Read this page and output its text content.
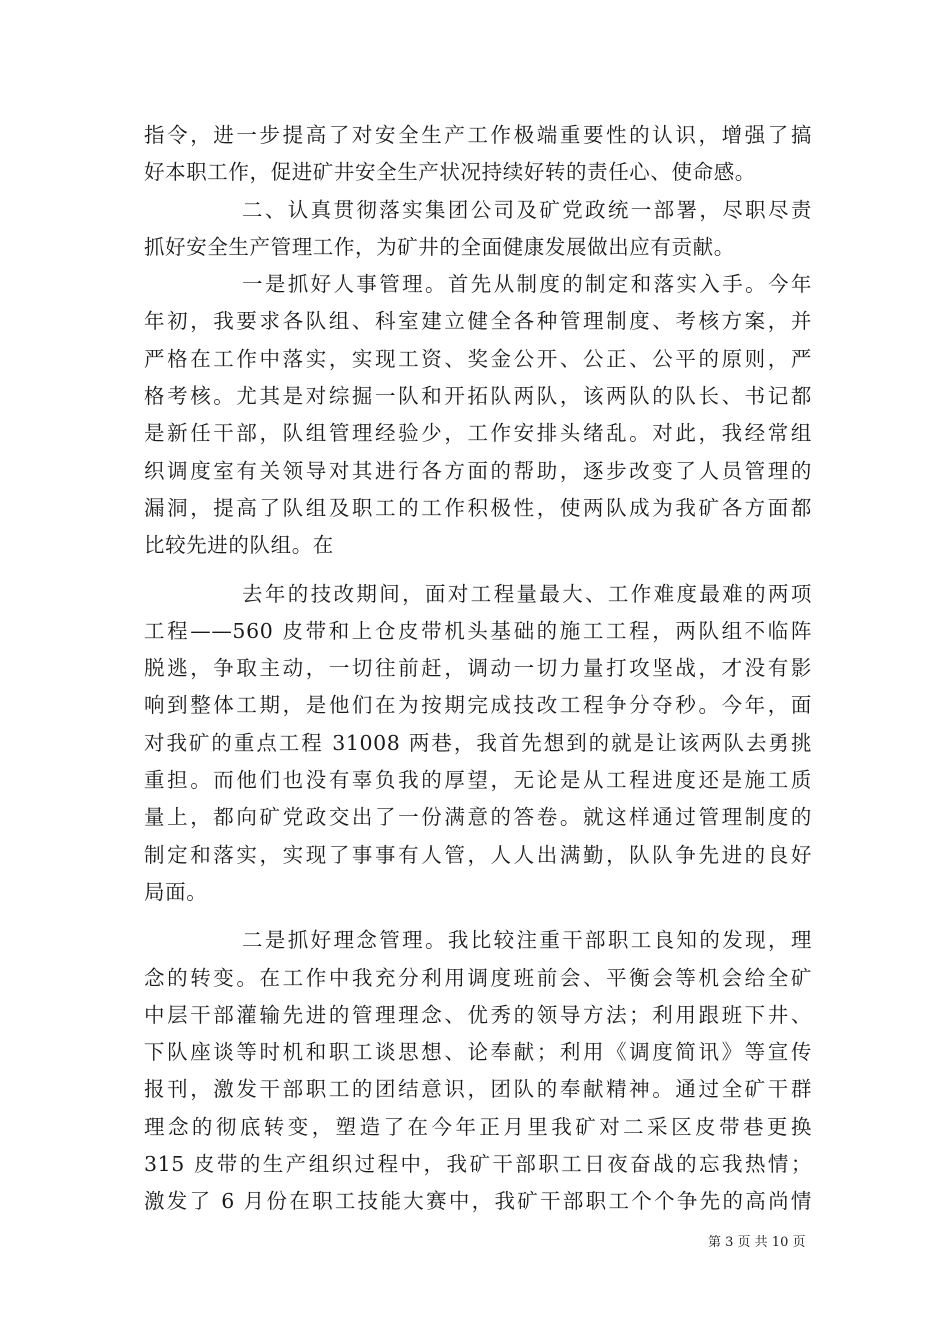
指令，进一步提高了对安全生产工作极端重要性的认识，增强了搞
好本职工作，促进矿井安全生产状况持续好转的责任心、使命感。
二、认真贯彻落实集团公司及矿党政统一部署，尽职尽责
抓好安全生产管理工作，为矿井的全面健康发展做出应有贡献。
一是抓好人事管理。首先从制度的制定和落实入手。今年
年初，我要求各队组、科室建立健全各种管理制度、考核方案，并
严格在工作中落实，实现工资、奖金公开、公正、公平的原则，严
格考核。尤其是对综掘一队和开拓队两队，该两队的队长、书记都
是新任干部，队组管理经验少，工作安排头绪乱。对此，我经常组
织调度室有关领导对其进行各方面的帮助，逐步改变了人员管理的
漏洞，提高了队组及职工的工作积极性，使两队成为我矿各方面都
比较先进的队组。在
去年的技改期间，面对工程量最大、工作难度最难的两项
工程——560 皮带和上仓皮带机头基础的施工工程，两队组不临阵
脱逃，争取主动，一切往前赶，调动一切力量打攻坚战，才没有影
响到整体工期，是他们在为按期完成技改工程争分夺秒。今年，面
对我矿的重点工程 31008 两巷，我首先想到的就是让该两队去勇挑
重担。而他们也没有辜负我的厚望，无论是从工程进度还是施工质
量上，都向矿党政交出了一份满意的答卷。就这样通过管理制度的
制定和落实，实现了事事有人管，人人出满勤，队队争先进的良好
局面。
二是抓好理念管理。我比较注重干部职工良知的发现，理
念的转变。在工作中我充分利用调度班前会、平衡会等机会给全矿
中层干部灌输先进的管理理念、优秀的领导方法；利用跟班下井、
下队座谈等时机和职工谈思想、论奉献；利用《调度简讯》等宣传
报刊，激发干部职工的团结意识，团队的奉献精神。通过全矿干群
理念的彻底转变，塑造了在今年正月里我矿对二采区皮带巷更换
315 皮带的生产组织过程中，我矿干部职工日夜奋战的忘我热情；
激发了 6 月份在职工技能大赛中，我矿干部职工个个争先的高尚情
第 3 页 共 10 页
